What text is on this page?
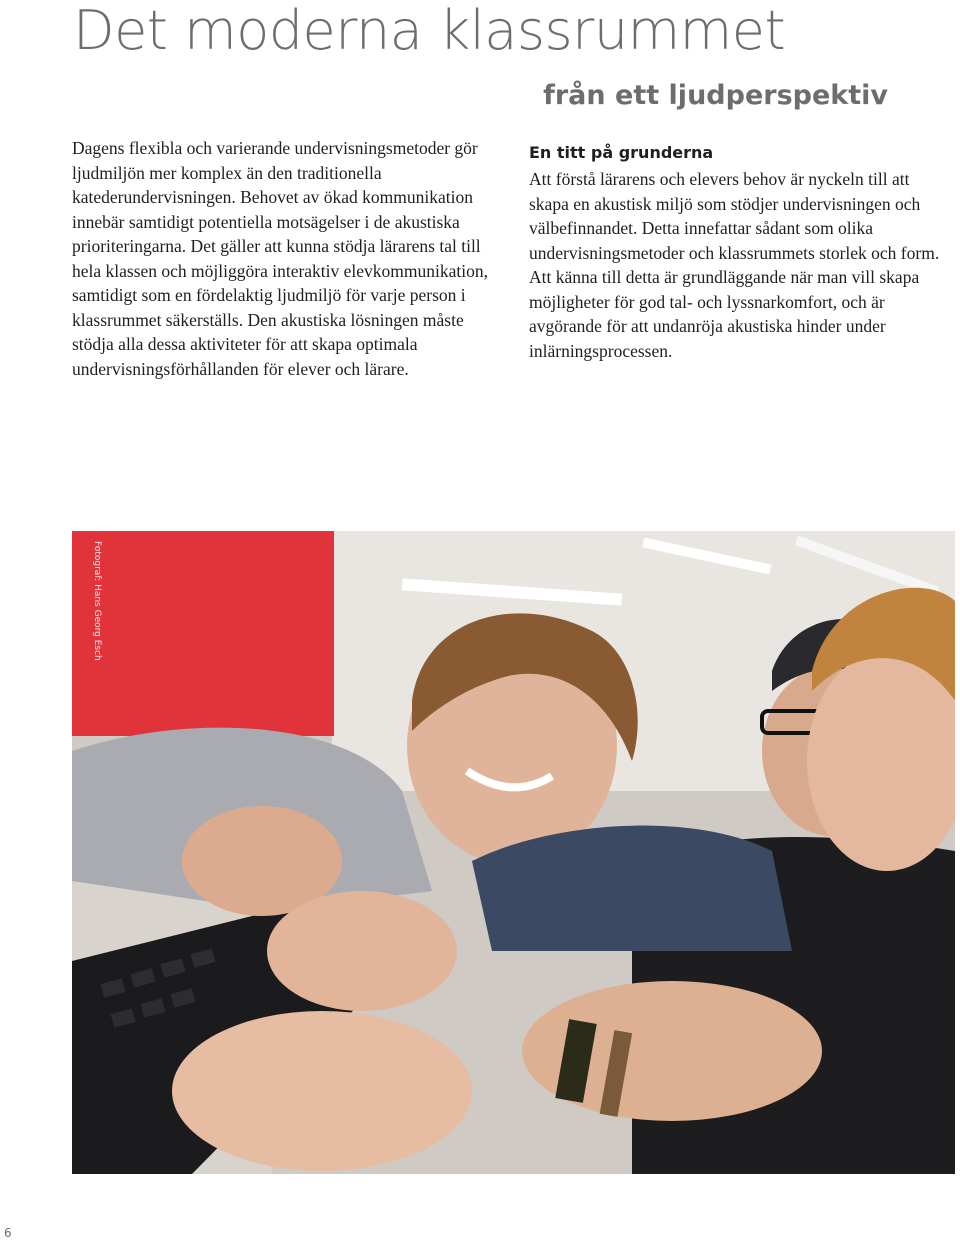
Det moderna klassrummet
från ett ljudperspektiv

Dagens flexibla och varierande undervisningsmetoder gör ljudmiljön mer komplex än den traditionella katederundervisningen. Behovet av ökad kommunikation innebär samtidigt potentiella motsägelser i de akustiska prioriteringarna. Det gäller att kunna stödja lärarens tal till hela klassen och möjliggöra interaktiv elevkommunikation, samtidigt som en fördelaktig ljudmiljö för varje person i klassrummet säkerställs. Den akustiska lösningen måste stödja alla dessa aktiviteter för att skapa optimala undervisningsförhållanden för elever och lärare.

En titt på grunderna

Att förstå lärarens och elevers behov är nyckeln till att skapa en akustisk miljö som stödjer undervisningen och välbefinnandet. Detta innefattar sådant som olika undervisningsmetoder och klassrummets storlek och form. Att känna till detta är grundläggande när man vill skapa möjligheter för god tal- och lyssnarkomfort, och är avgörande för att undanröja akustiska hinder under inlärningsprocessen.

Fotograf: Hans Georg Esch
6
